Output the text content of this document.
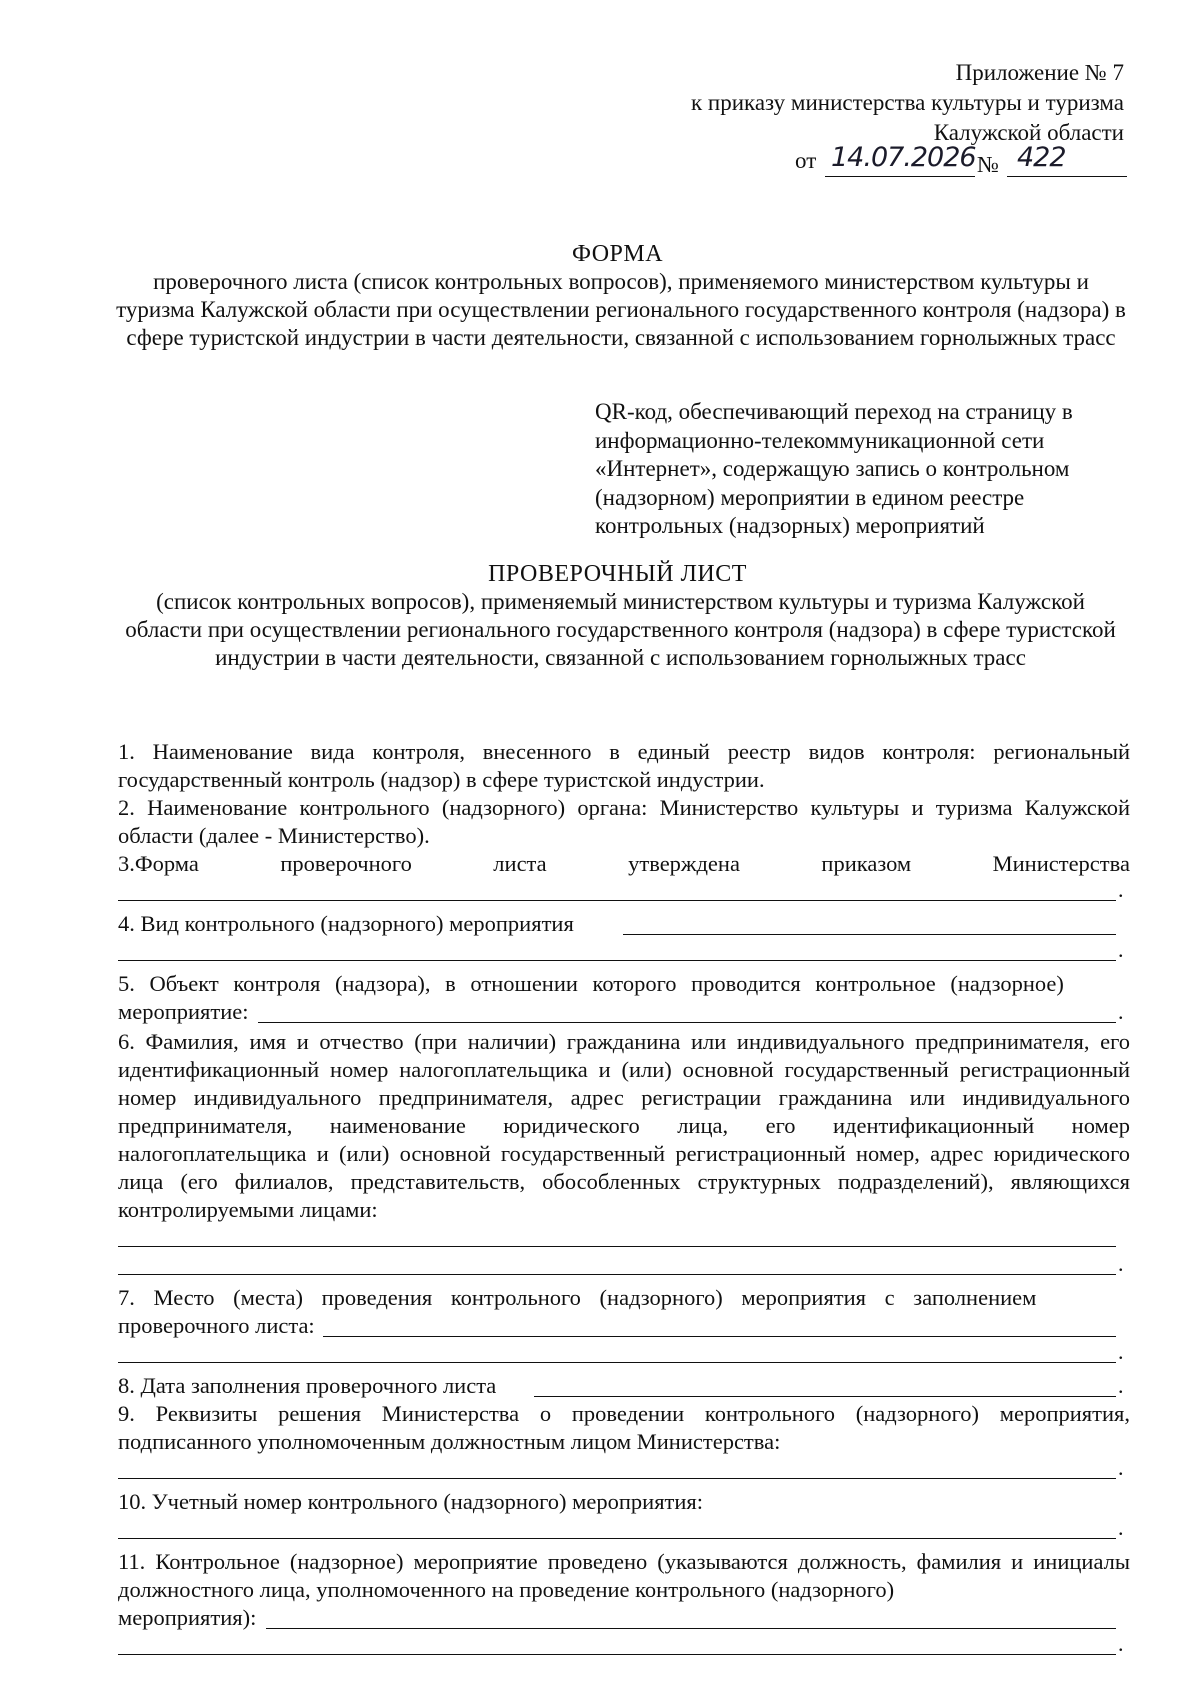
Приложение № 7
к приказу министерства культуры и туризма
Калужской области
от 14.07.2026 № 422
ФОРМА
проверочного листа (список контрольных вопросов), применяемого министерством культуры и туризма Калужской области при осуществлении регионального государственного контроля (надзора) в сфере туристской индустрии в части деятельности, связанной с использованием горнолыжных трасс
QR-код, обеспечивающий переход на страницу в информационно-телекоммуникационной сети «Интернет», содержащую запись о контрольном (надзорном) мероприятии в едином реестре контрольных (надзорных) мероприятий
ПРОВЕРОЧНЫЙ ЛИСТ
(список контрольных вопросов), применяемый министерством культуры и туризма Калужской области при осуществлении регионального государственного контроля (надзора) в сфере туристской индустрии в части деятельности, связанной с использованием горнолыжных трасс
1. Наименование вида контроля, внесенного в единый реестр видов контроля: региональный государственный контроль (надзор) в сфере туристской индустрии.
2. Наименование контрольного (надзорного) органа: Министерство культуры и туризма Калужской области (далее - Министерство).
3.Форма	проверочного	листа	утверждена	приказом	Министерства
.
4. Вид контрольного (надзорного) мероприятия
.
5. Объект контроля (надзора), в отношении которого проводится контрольное (надзорное)
мероприятие:	.
6. Фамилия, имя и отчество (при наличии) гражданина или индивидуального предпринимателя, его идентификационный номер налогоплательщика и (или) основной государственный регистрационный номер индивидуального предпринимателя, адрес регистрации гражданина или индивидуального предпринимателя, наименование юридического лица, его идентификационный номер налогоплательщика и (или) основной государственный регистрационный номер, адрес юридического лица (его филиалов, представительств, обособленных структурных подразделений), являющихся контролируемыми лицами:
.
7. Место (места) проведения контрольного (надзорного) мероприятия с заполнением
проверочного листа:
.
8. Дата заполнения проверочного листа	.
9. Реквизиты решения Министерства о проведении контрольного (надзорного) мероприятия, подписанного уполномоченным должностным лицом Министерства:
.
10. Учетный номер контрольного (надзорного) мероприятия:
.
11. Контрольное (надзорное) мероприятие проведено (указываются должность, фамилия и инициалы должностного лица, уполномоченного на проведение контрольного (надзорного)
мероприятия):
.
